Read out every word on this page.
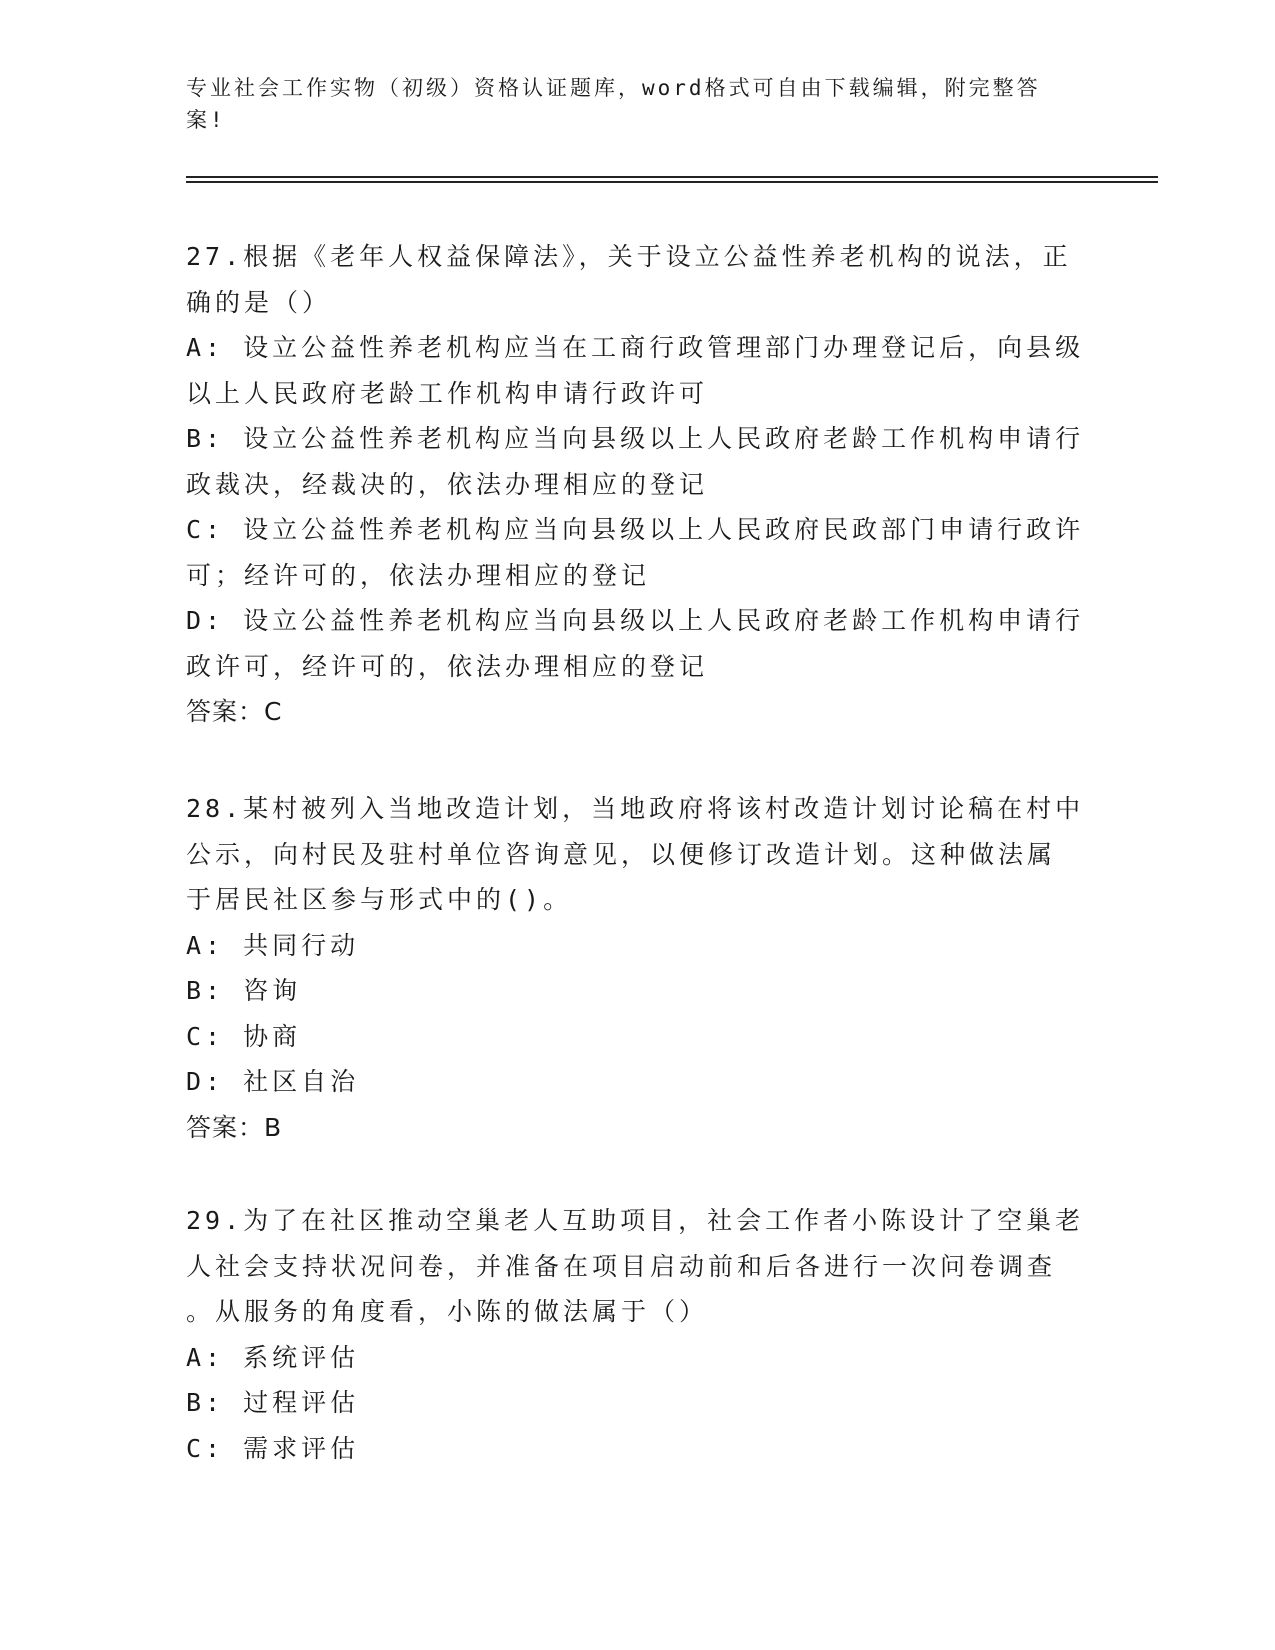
专业社会工作实物（初级）资格认证题库，word格式可自由下载编辑，附完整答
案!
27.根据《老年人权益保障法》，关于设立公益性养老机构的说法，正
确的是（）
A: 设立公益性养老机构应当在工商行政管理部门办理登记后，向县级
以上人民政府老龄工作机构申请行政许可
B: 设立公益性养老机构应当向县级以上人民政府老龄工作机构申请行
政裁决，经裁决的，依法办理相应的登记
C: 设立公益性养老机构应当向县级以上人民政府民政部门申请行政许
可；经许可的，依法办理相应的登记
D: 设立公益性养老机构应当向县级以上人民政府老龄工作机构申请行
政许可，经许可的，依法办理相应的登记
答案：C
28.某村被列入当地改造计划，当地政府将该村改造计划讨论稿在村中
公示，向村民及驻村单位咨询意见，以便修订改造计划。这种做法属
于居民社区参与形式中的()。
A: 共同行动
B: 咨询
C: 协商
D: 社区自治
答案：B
29.为了在社区推动空巢老人互助项目，社会工作者小陈设计了空巢老
人社会支持状况问卷，并准备在项目启动前和后各进行一次问卷调查
。从服务的角度看，小陈的做法属于（）
A: 系统评估
B: 过程评估
C: 需求评估
